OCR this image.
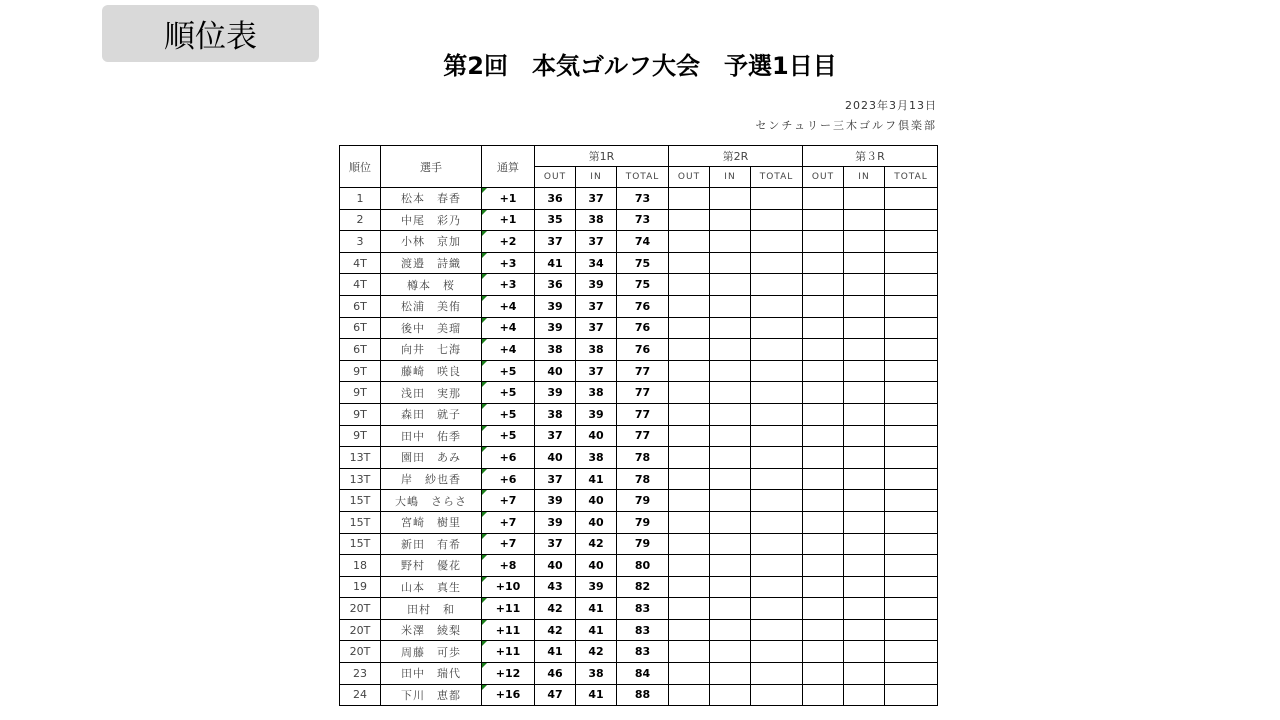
順位表
第2回　本気ゴルフ大会　予選1日目
2023年3月13日
センチュリー三木ゴルフ倶楽部
順位	選手	通算	第1R			第2R			第３R		
			OUT	IN	TOTAL	OUT	IN	TOTAL	OUT	IN	TOTAL
1	松本　春香	+1	36	37	73						
2	中尾　彩乃	+1	35	38	73						
3	小林　京加	+2	37	37	74						
4T	渡邉　詩織	+3	41	34	75						
4T	樽本　桜	+3	36	39	75						
6T	松浦　美侑	+4	39	37	76						
6T	後中　美瑠	+4	39	37	76						
6T	向井　七海	+4	38	38	76						
9T	藤崎　咲良	+5	40	37	77						
9T	浅田　実那	+5	39	38	77						
9T	森田　就子	+5	38	39	77						
9T	田中　佑季	+5	37	40	77						
13T	園田　あみ	+6	40	38	78						
13T	岸　紗也香	+6	37	41	78						
15T	大嶋　さらさ	+7	39	40	79						
15T	宮崎　樹里	+7	39	40	79						
15T	新田　有希	+7	37	42	79						
18	野村　優花	+8	40	40	80						
19	山本　真生	+10	43	39	82						
20T	田村　和	+11	42	41	83						
20T	米澤　綾梨	+11	42	41	83						
20T	周藤　可歩	+11	41	42	83						
23	田中　瑞代	+12	46	38	84						
24	下川　恵都	+16	47	41	88						
